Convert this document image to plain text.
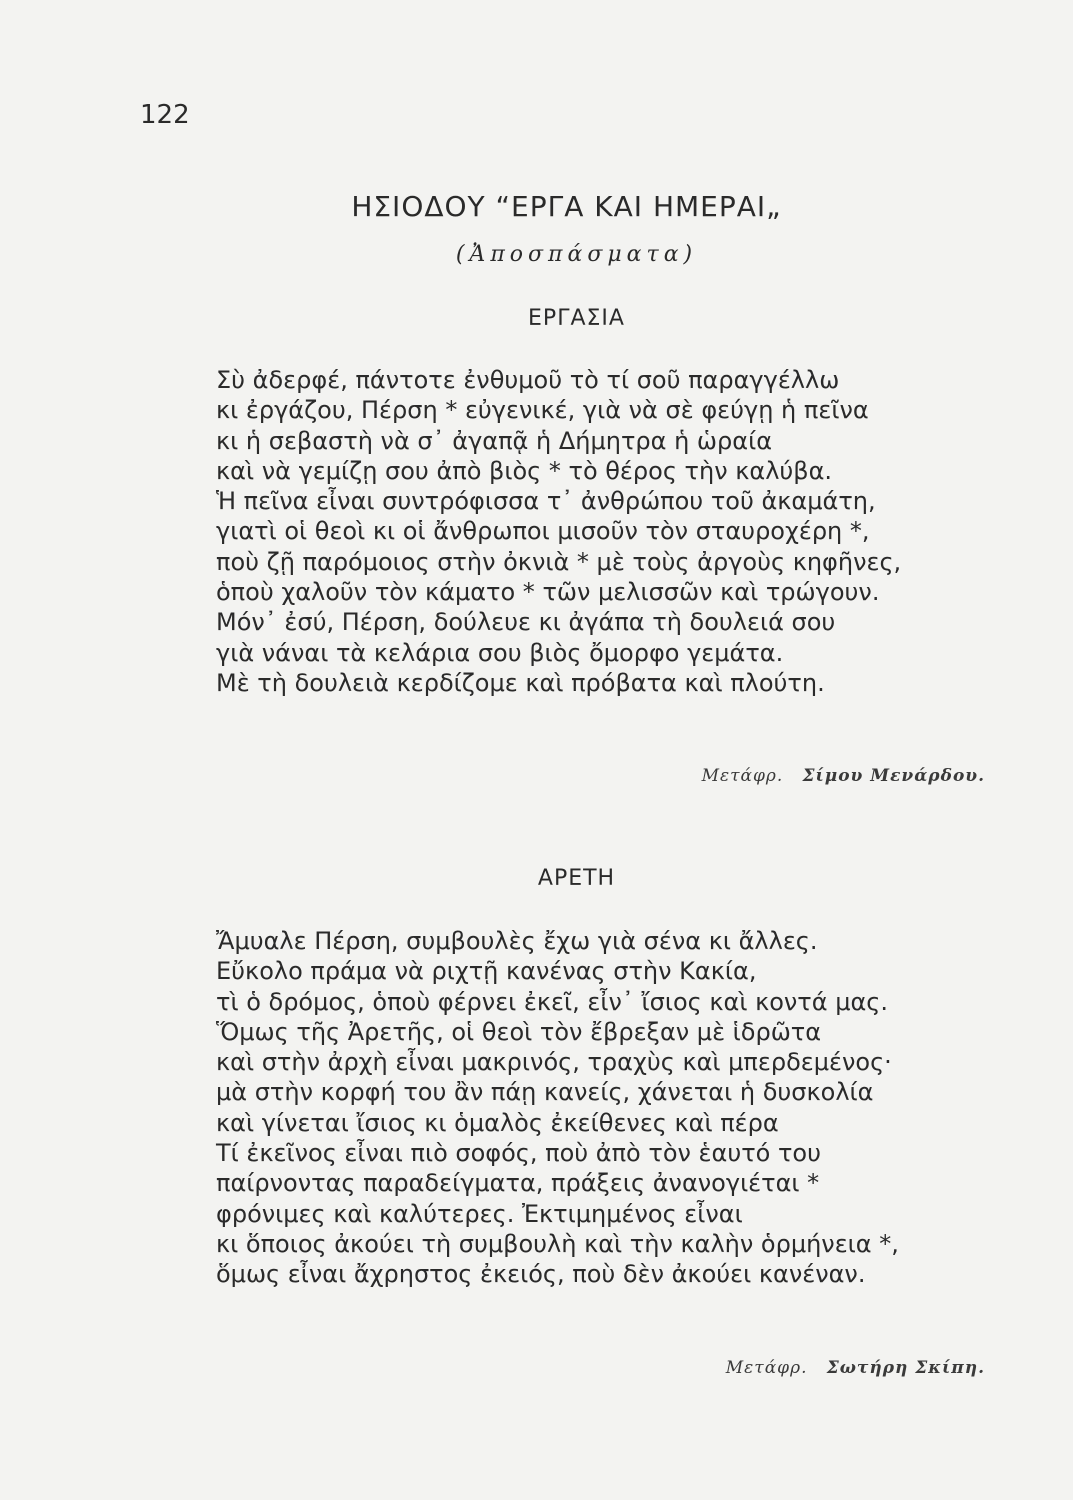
122
ΗΣΙΟΔΟΥ “ΕΡΓΑ ΚΑΙ ΗΜΕΡΑΙ„
(Ἀποσπάσματα)
ΕΡΓΑΣΙΑ
Σὺ ἀδερφέ, πάντοτε ἐνθυμοῦ τὸ τί σοῦ παραγγέλλω
κι ἐργάζου, Πέρση * εὐγενικέ, γιὰ νὰ σὲ φεύγῃ ἡ πεῖνα
κι ἡ σεβαστὴ νὰ σ᾽ ἀγαπᾷ ἡ Δήμητρα ἡ ὡραία
καὶ νὰ γεμίζῃ σου ἀπὸ βιὸς * τὸ θέρος τὴν καλύβα.
Ἡ πεῖνα εἶναι συντρόφισσα τ᾽ ἀνθρώπου τοῦ ἀκαμάτη,
γιατὶ οἱ θεοὶ κι οἱ ἄνθρωποι μισοῦν τὸν σταυροχέρη *,
ποὺ ζῇ παρόμοιος στὴν ὀκνιὰ * μὲ τοὺς ἀργοὺς κηφῆνες,
ὁποὺ χαλοῦν τὸν κάματο * τῶν μελισσῶν καὶ τρώγουν.
Μόν᾽ ἐσύ, Πέρση, δούλευε κι ἀγάπα τὴ δουλειά σου
γιὰ νάναι τὰ κελάρια σου βιὸς ὄμορφο γεμάτα.
Μὲ τὴ δουλειὰ κερδίζομε καὶ πρόβατα καὶ πλούτη.
Μετάφρ. Σίμου Μενάρδου.
ΑΡΕΤΗ
Ἄμυαλε Πέρση, συμβουλὲς ἔχω γιὰ σένα κι ἄλλες.
Εὔκολο πράμα νὰ ριχτῇ κανένας στὴν Κακία,
τὶ ὁ δρόμος, ὁποὺ φέρνει ἐκεῖ, εἶν᾽ ἴσιος καὶ κοντά μας.
Ὅμως τῆς Ἀρετῆς, οἱ θεοὶ τὸν ἔβρεξαν μὲ ἱδρῶτα
καὶ στὴν ἀρχὴ εἶναι μακρινός, τραχὺς καὶ μπερδεμένος·
μὰ στὴν κορφή του ἂν πάῃ κανείς, χάνεται ἡ δυσκολία
καὶ γίνεται ἴσιος κι ὁμαλὸς ἐκείθενες καὶ πέρα
Τί ἐκεῖνος εἶναι πιὸ σοφός, ποὺ ἀπὸ τὸν ἑαυτό του
παίρνοντας παραδείγματα, πράξεις ἀνανογιέται *
φρόνιμες καὶ καλύτερες. Ἐκτιμημένος εἶναι
κι ὅποιος ἀκούει τὴ συμβουλὴ καὶ τὴν καλὴν ὁρμήνεια *,
ὅμως εἶναι ἄχρηστος ἐκειός, ποὺ δὲν ἀκούει κανέναν.
Μετάφρ. Σωτήρη Σκίπη.
